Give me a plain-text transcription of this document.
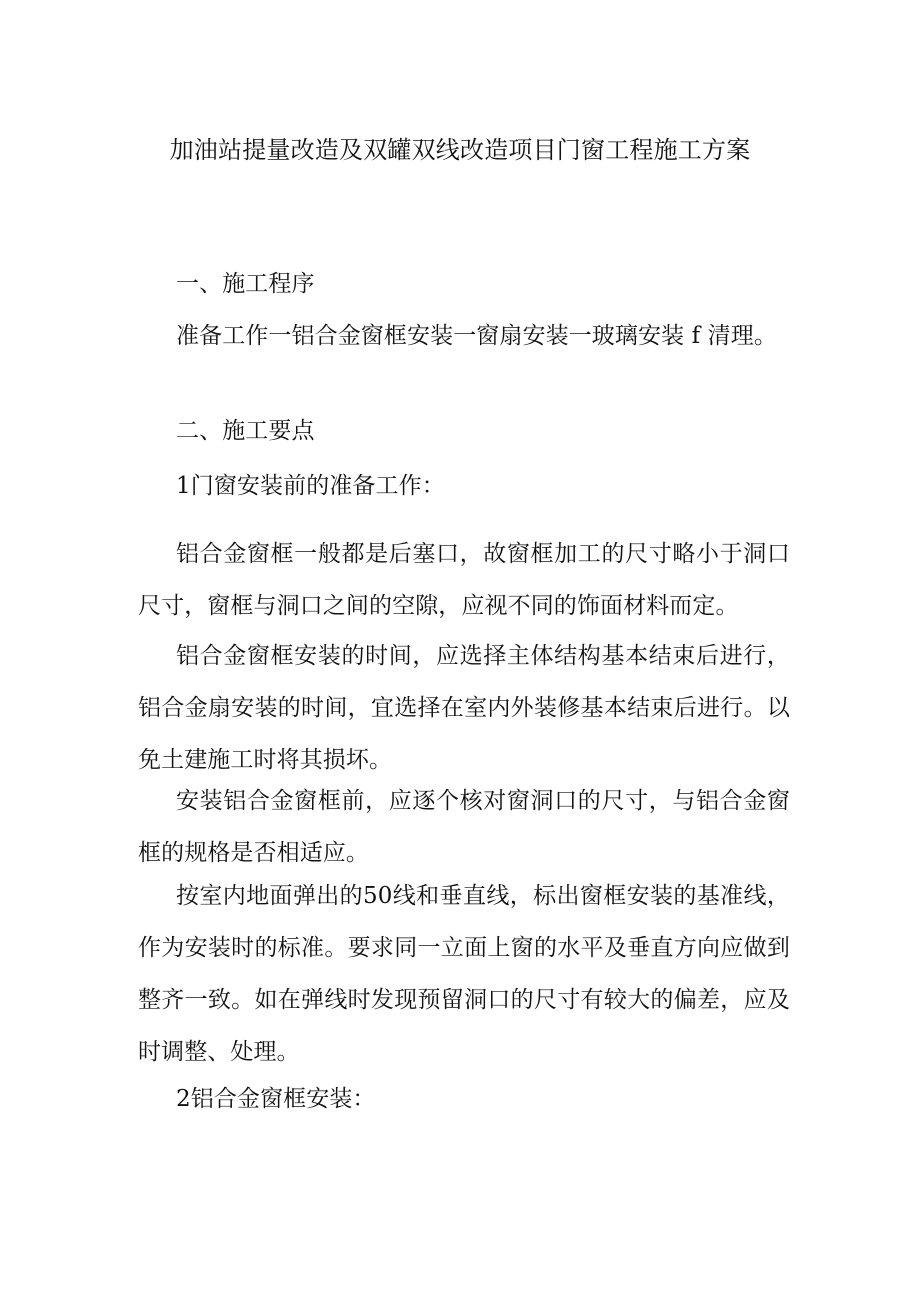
加油站提量改造及双罐双线改造项目门窗工程施工方案

一、施工程序

准备工作一铝合金窗框安装一窗扇安装一玻璃安装 f 清理。

二、施工要点

1门窗安装前的准备工作：

铝合金窗框一般都是后塞口，故窗框加工的尺寸略小于洞口尺寸，窗框与洞口之间的空隙，应视不同的饰面材料而定。

铝合金窗框安装的时间，应选择主体结构基本结束后进行，铝合金扇安装的时间，宜选择在室内外装修基本结束后进行。以免土建施工时将其损坏。

安装铝合金窗框前，应逐个核对窗洞口的尺寸，与铝合金窗框的规格是否相适应。

按室内地面弹出的50线和垂直线，标出窗框安装的基准线，作为安装时的标准。要求同一立面上窗的水平及垂直方向应做到整齐一致。如在弹线时发现预留洞口的尺寸有较大的偏差，应及时调整、处理。

2铝合金窗框安装：
